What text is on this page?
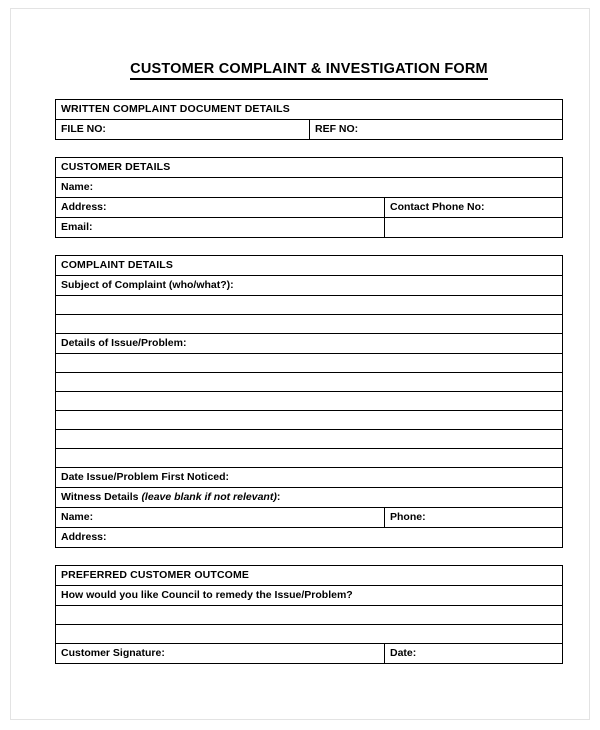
CUSTOMER COMPLAINT & INVESTIGATION FORM
WRITTEN COMPLAINT DOCUMENT DETAILS
FILE NO:	REF NO:
CUSTOMER DETAILS	
Name:	
Address:	Contact Phone No:
Email:	
COMPLAINT DETAILS
Subject of Complaint (who/what?):

Details of Issue/Problem:

Date Issue/Problem First Noticed:
Witness Details (leave blank if not relevant):
Name:	Phone:
Address:
PREFERRED CUSTOMER OUTCOME
How would you like Council to remedy the Issue/Problem?

Customer Signature:	Date:
